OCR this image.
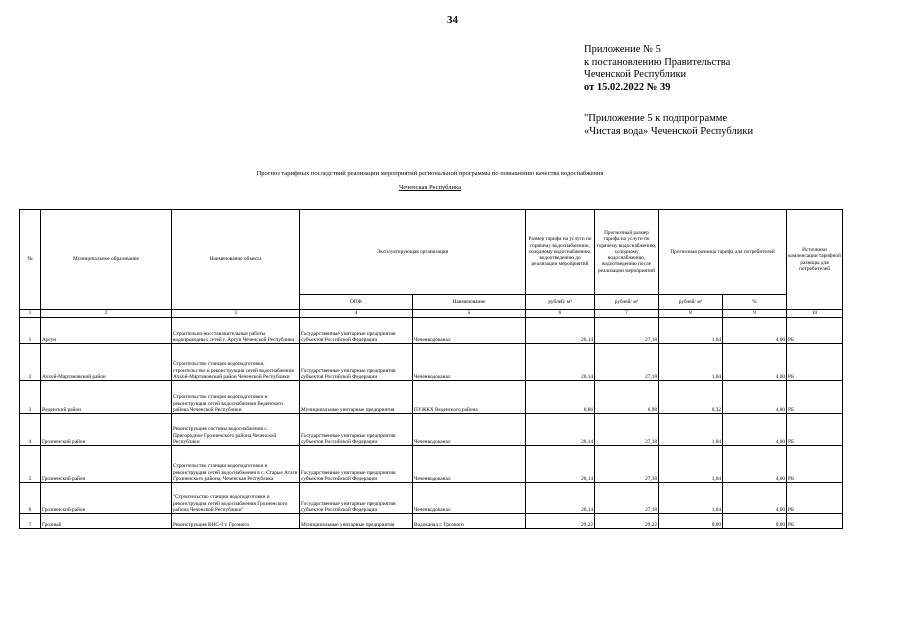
34
Приложение № 5
к постановлению Правительства
Чеченской Республики
от 15.02.2022 № 39
"Приложение 5 к подпрограмме
«Чистая вода» Чеченской Республики
Прогноз тарифных последствий реализации мероприятий региональной программы по повышению качества водоснабжения
Чеченская Республика
№	Муниципальное образование	Наименование объекта	Эксплуатирующая организация		Размер тарифа на услуги по горячему водоснабжению, холодному водоснабжению, водоотведению до реализации мероприятий	Прогнозный размер тарифа на услуги по горячему водоснабжению, холодному водоснабжению, водоотведению после реализации мероприятий	Прогнозная разница тарифа для потребителей		Источники компенсации тарифной разницы для потребителей
			ОПФ	Наименование	рублей/ м³	рублей/ м³	рублей/ м³	%	
1	2	3	4	5	6	7	8	9	10
1	Аргун	Строительно-восстановительные работы водопроводных сетей г. Аргун Чеченской Республики	Государственные унитарные предприятия субъектов Российской Федерации	Чеченводоканал	26,14	27,18	1,04	4,00	РБ
2	Ачхой-Мартановский район	Строительство станции водоподготовки, строительство и реконструкция сетей водоснабжения Ачхой-Мартановский район Чеченской Республики	Государственные унитарные предприятия субъектов Российской Федерации	Чеченводоканал	26,14	27,18	1,04	4,00	РБ
3	Веденский район	Строительство станции водоподготовки и реконструкция сетей водоснабжения Веденского района Чеченской Республики	Муниципальные унитарные предприятия	ПУЖКХ Веденского района	6,66	6,98	0,32	4,80	РБ
4	Грозненский район	Реконструкция системы водоснабжения с. Пригородное Грозненского района Чеченской Республики	Государственные унитарные предприятия субъектов Российской Федерации	Чеченводоканал	26,14	27,18	1,04	4,00	РБ
5	Грозненский район	Строительство станции водоподготовки и реконструкция сетей водоснабжения в с. Старые Атаги Грозненского района, Чеченская Республика	Государственные унитарные предприятия субъектов Российской Федерации	Чеченводоканал	26,14	27,18	1,04	4,00	РБ
6	Грозненский район	"Строительство станции водоподготовки и реконструкция сетей водоснабжения Грозненского района Чеченской Республики"	Государственные унитарные предприятия субъектов Российской Федерации	Чеченводоканал	26,14	27,18	1,04	4,00	РБ
7	Грозный	Реконструкция ВНС-3 г. Грозного	Муниципальные унитарные предприятия	Водоканал г. Грозного	29,22	29,22	0,00	0,00	РБ
